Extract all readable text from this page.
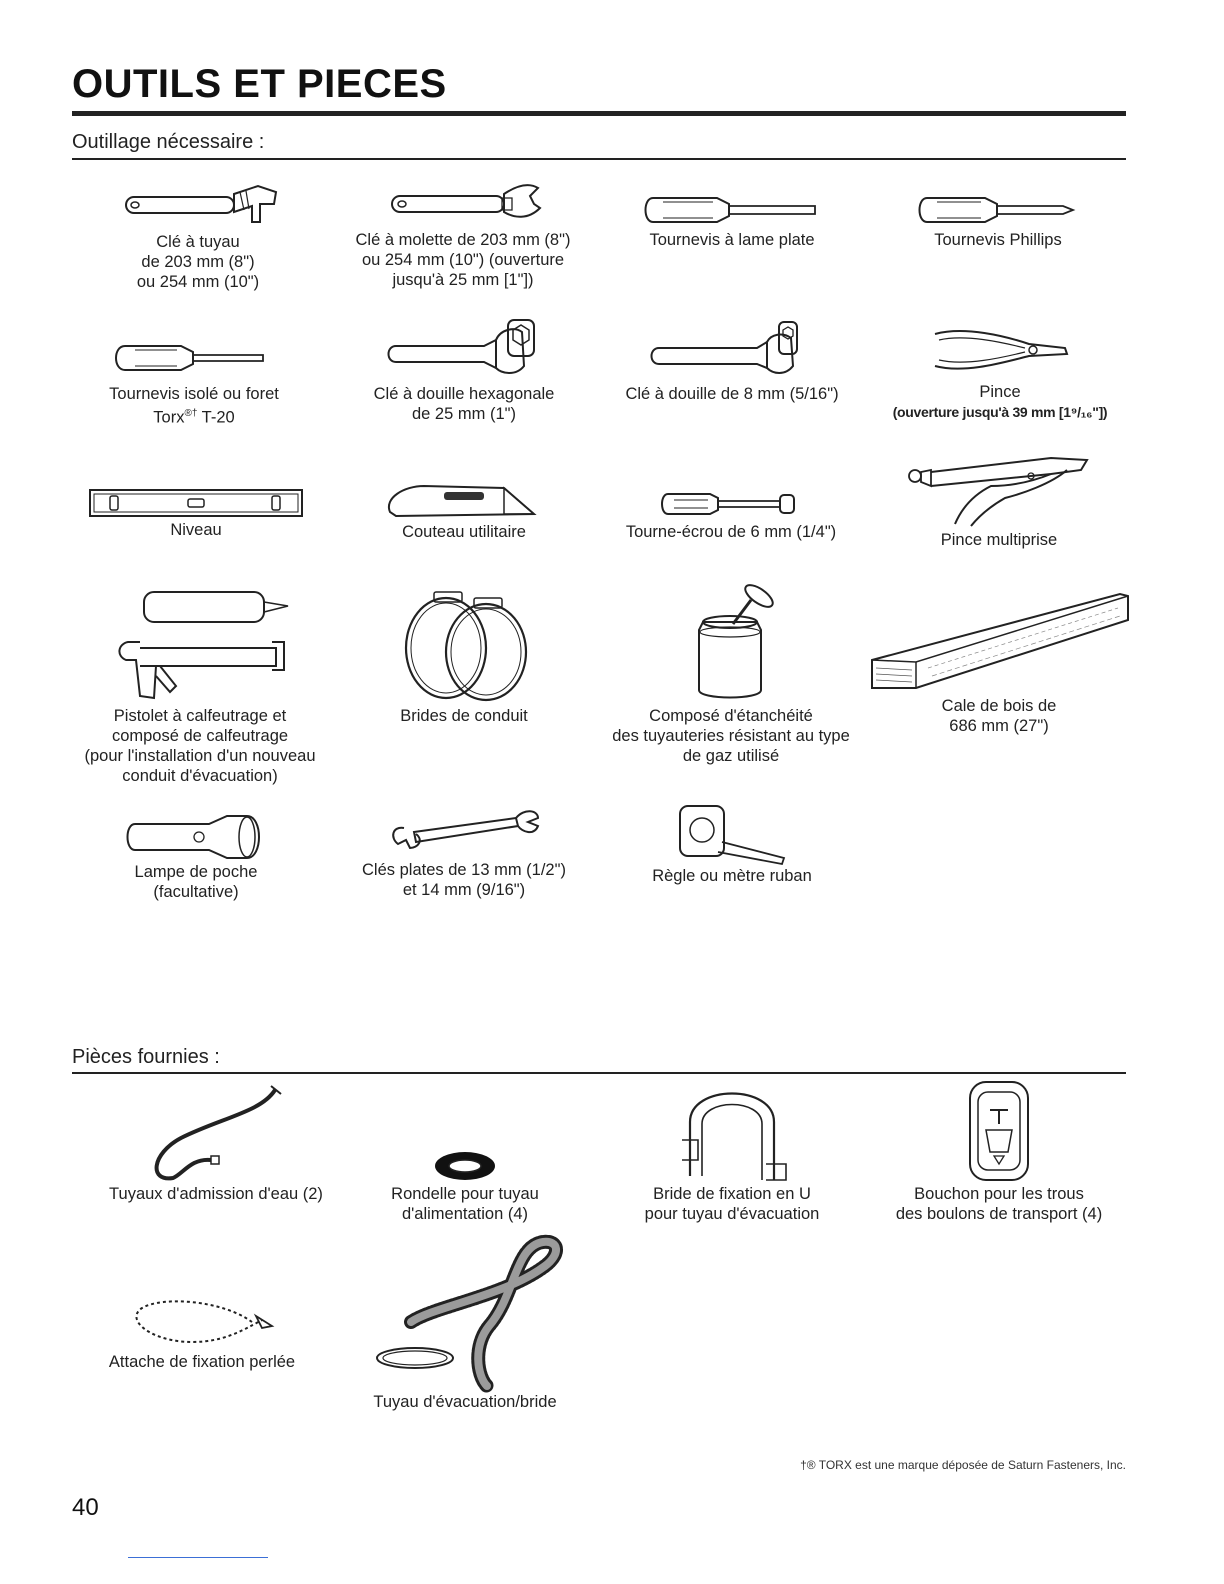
OUTILS ET PIECES
Outillage nécessaire :
Clé à tuyau
de 203 mm (8")
ou 254 mm (10")
Clé à molette de 203 mm (8")
ou 254 mm (10") (ouverture
jusqu'à 25 mm [1"])
Tournevis à lame plate	Tournevis Phillips
Tournevis isolé ou foret
Torx®† T-20
Clé à douille hexagonale
de 25 mm (1")
Clé à douille de 8 mm (5/16")	Pince
(ouverture jusqu'à 39 mm [1⁹/₁₆"])
Niveau	Couteau utilitaire	Tourne-écrou de 6 mm (1/4")	Pince multiprise
Pistolet à calfeutrage et
composé de calfeutrage
(pour l'installation d'un nouveau
conduit d'évacuation)
Brides de conduit	Composé d'étanchéité
des tuyauteries résistant au type
de gaz utilisé
Cale de bois de
686 mm (27")
Lampe de poche
(facultative)
Clés plates de 13 mm (1/2")
et 14 mm (9/16")
Règle ou mètre ruban
Pièces fournies :
Tuyaux d'admission d'eau (2)	Rondelle pour tuyau
d'alimentation (4)
Bride de fixation en U
pour tuyau d'évacuation
Bouchon pour les trous
des boulons de transport (4)
Attache de fixation perlée
Tuyau d'évacuation/bride
†® TORX est une marque déposée de Saturn Fasteners, Inc.
40
